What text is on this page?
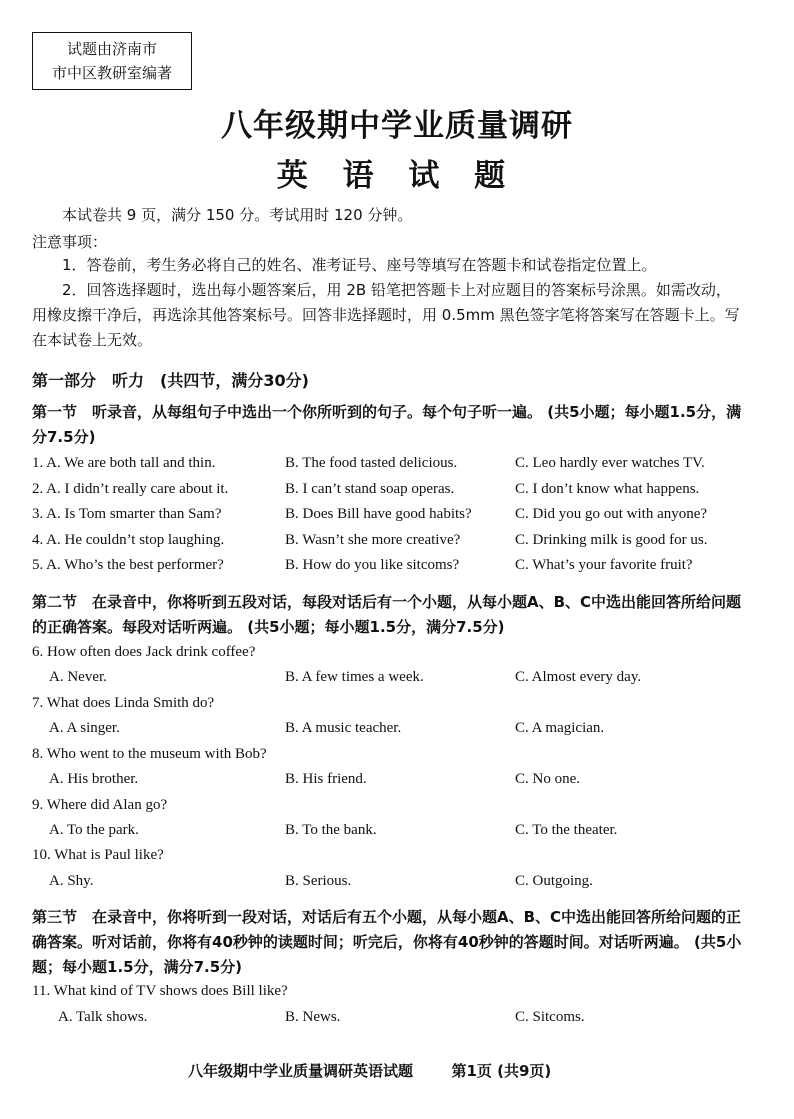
试题由济南市
市中区教研室编著
八年级期中学业质量调研
英 语 试 题
本试卷共 9 页，满分 150 分。考试用时 120 分钟。
注意事项：
1．答卷前，考生务必将自己的姓名、准考证号、座号等填写在答题卡和试卷指定位置上。
2．回答选择题时，选出每小题答案后，用 2B 铅笔把答题卡上对应题目的答案标号涂黑。如需改动，用橡皮擦干净后，再选涂其他答案标号。回答非选择题时，用 0.5mm 黑色签字笔将答案写在答题卡上。写在本试卷上无效。
第一部分　听力　(共四节，满分30分)
第一节　听录音，从每组句子中选出一个你所听到的句子。每个句子听一遍。 (共5小题；每小题1.5分，满分7.5分)
1. A. We are both tall and thin.	B. The food tasted delicious.	C. Leo hardly ever watches TV.
2. A. I didn’t really care about it.	B. I can’t stand soap operas.	C. I don’t know what happens.
3. A. Is Tom smarter than Sam?	B. Does Bill have good habits?	C. Did you go out with anyone?
4. A. He couldn’t stop laughing.	B. Wasn’t she more creative?	C. Drinking milk is good for us.
5. A. Who’s the best performer?	B. How do you like sitcoms?	C. What’s your favorite fruit?
第二节　在录音中，你将听到五段对话，每段对话后有一个小题，从每小题A、B、C中选出能回答所给问题的正确答案。每段对话听两遍。 (共5小题；每小题1.5分，满分7.5分)
6. How often does Jack drink coffee?
A. Never.	B. A few times a week.	C. Almost every day.
7. What does Linda Smith do?
A. A singer.	B. A music teacher.	C. A magician.
8. Who went to the museum with Bob?
A. His brother.	B. His friend.	C. No one.
9. Where did Alan go?
A. To the park.	B. To the bank.	C. To the theater.
10. What is Paul like?
A. Shy.	B. Serious.	C. Outgoing.
第三节　在录音中，你将听到一段对话，对话后有五个小题，从每小题A、B、C中选出能回答所给问题的正确答案。听对话前，你将有40秒钟的读题时间；听完后，你将有40秒钟的答题时间。对话听两遍。 (共5小题；每小题1.5分，满分7.5分)
11. What kind of TV shows does Bill like?
A. Talk shows.	B. News.	C. Sitcoms.
八年级期中学业质量调研英语试题	第1页 (共9页)
